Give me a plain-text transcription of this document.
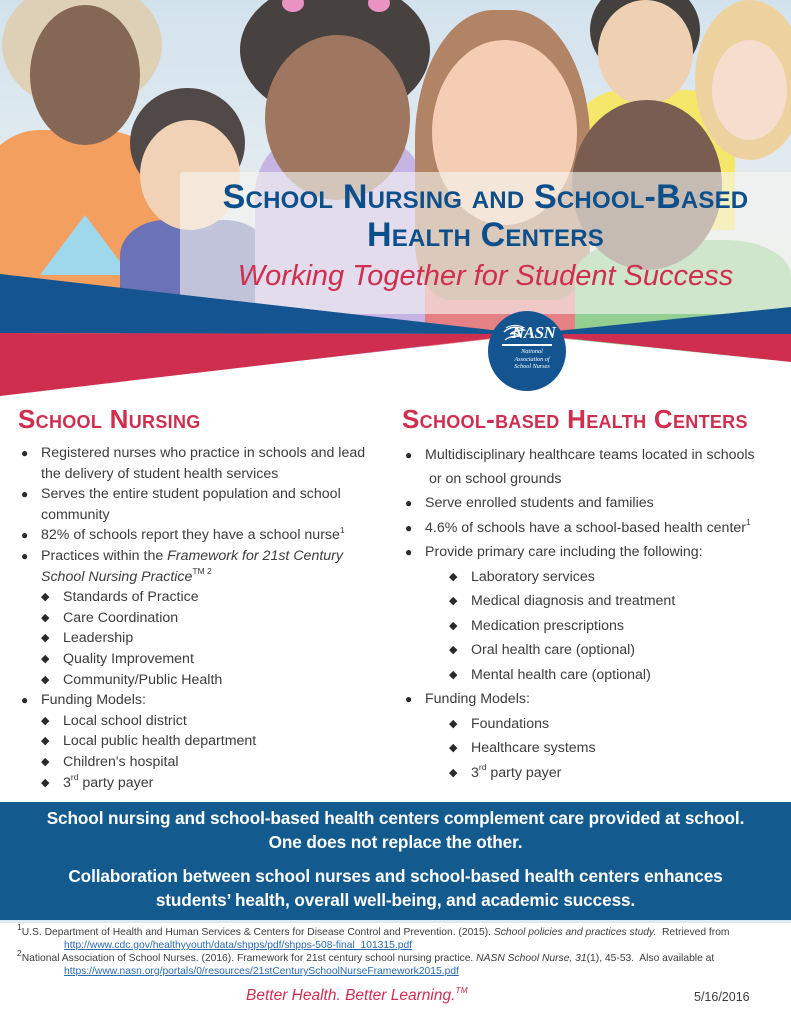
School Nursing and School-Based
Health Centers
Working Together for Student Success
NASN
National
Association of
School Nurses
School Nursing
● Registered nurses who practice in schools and lead the delivery of student health services
● Serves the entire student population and school community
● 82% of schools report they have a school nurse$^1$
● Practices within the Framework for 21st Century School Nursing Practice$^{TM 2}$
◆ Standards of Practice
◆ Care Coordination
◆ Leadership
◆ Quality Improvement
◆ Community/Public Health
● Funding Models:
◆ Local school district
◆ Local public health department
◆ Children's hospital
◆ 3rd party payer
School-based Health Centers
● Multidisciplinary healthcare teams located in schools
or on school grounds
● Serve enrolled students and families
● 4.6% of schools have a school-based health center$^1$
● Provide primary care including the following:
◆ Laboratory services
◆ Medical diagnosis and treatment
◆ Medication prescriptions
◆ Oral health care (optional)
◆ Mental health care (optional)
● Funding Models:
◆ Foundations
◆ Healthcare systems
◆ 3rd party payer

School nursing and school-based health centers complement care provided at school.
One does not replace the other.

Collaboration between school nurses and school-based health centers enhances
students’ health, overall well-being, and academic success.

$^1$U.S. Department of Health and Human Services & Centers for Disease Control and Prevention. (2015). School policies and practices study.  Retrieved from
http://www.cdc.gov/healthyyouth/data/shpps/pdf/shpps-508-final_101315.pdf
$^2$National Association of School Nurses. (2016). Framework for 21st century school nursing practice. NASN School Nurse, 31(1), 45-53.  Also available at
https://www.nasn.org/portals/0/resources/21stCenturySchoolNurseFramework2015.pdf
Better Health. Better Learning.™
5/16/2016
